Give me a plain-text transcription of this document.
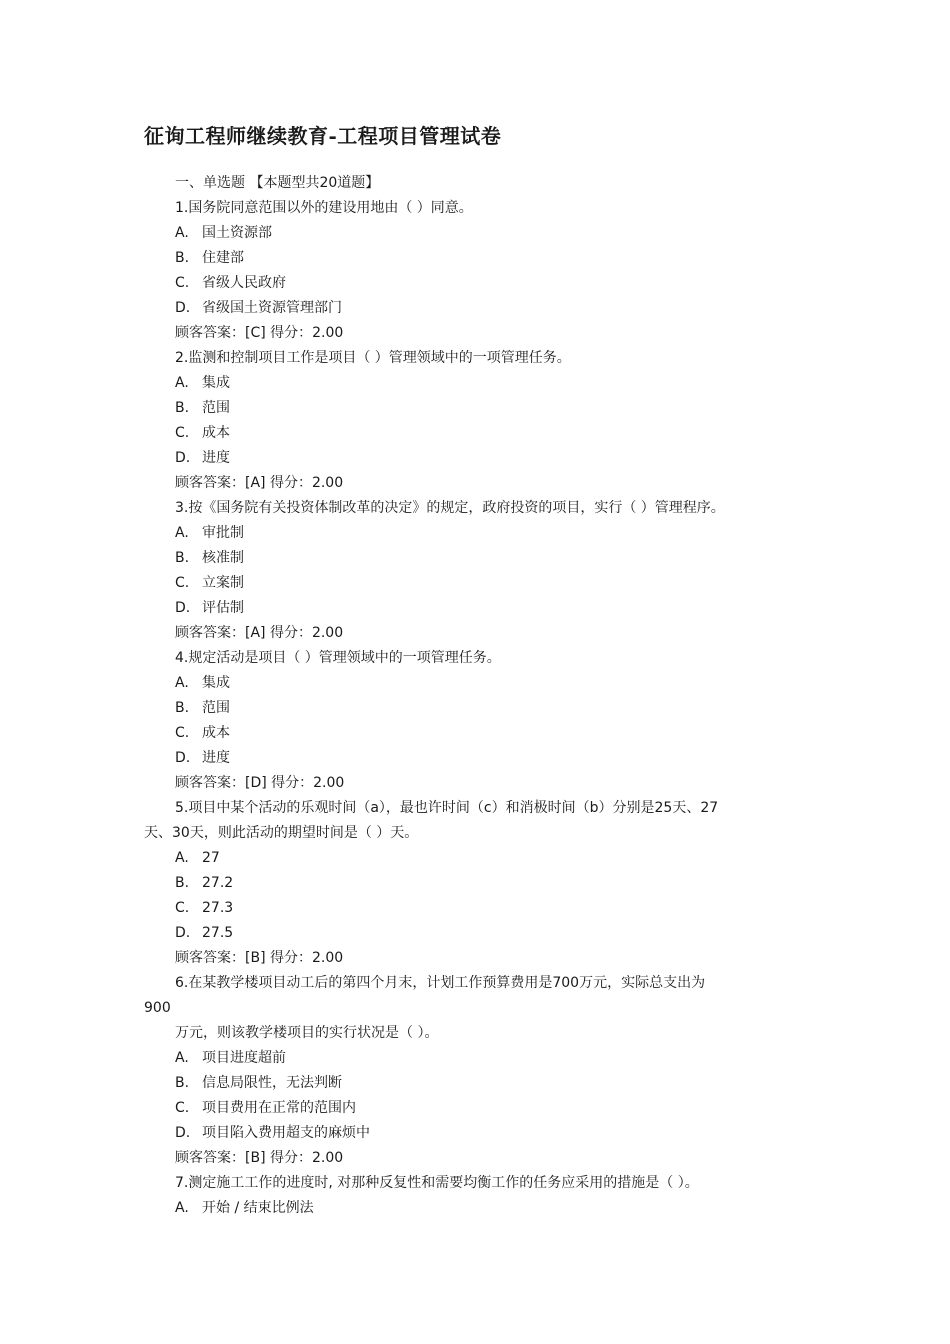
征询工程师继续教育-工程项目管理试卷
一、单选题 【本题型共20道题】
1.国务院同意范围以外的建设用地由（ ）同意。
A. 国土资源部
B. 住建部
C. 省级人民政府
D. 省级国土资源管理部门
顾客答案：[C] 得分：2.00
2.监测和控制项目工作是项目（ ）管理领域中的一项管理任务。
A. 集成
B. 范围
C. 成本
D. 进度
顾客答案：[A] 得分：2.00
3.按《国务院有关投资体制改革的决定》的规定，政府投资的项目，实行（ ）管理程序。
A. 审批制
B. 核准制
C. 立案制
D. 评估制
顾客答案：[A] 得分：2.00
4.规定活动是项目（ ）管理领域中的一项管理任务。
A. 集成
B. 范围
C. 成本
D. 进度
顾客答案：[D] 得分：2.00
5.项目中某个活动的乐观时间（a），最也许时间（c）和消极时间（b）分别是25天、27
天、30天，则此活动的期望时间是（ ）天。
A. 27
B. 27.2
C. 27.3
D. 27.5
顾客答案：[B] 得分：2.00
6.在某教学楼项目动工后的第四个月末，计划工作预算费用是700万元，实际总支出为
900
万元，则该教学楼项目的实行状况是（ ）。
A. 项目进度超前
B. 信息局限性，无法判断
C. 项目费用在正常的范围内
D. 项目陷入费用超支的麻烦中
顾客答案：[B] 得分：2.00
7.测定施工工作的进度时, 对那种反复性和需要均衡工作的任务应采用的措施是（ ）。
A. 开始 / 结束比例法
